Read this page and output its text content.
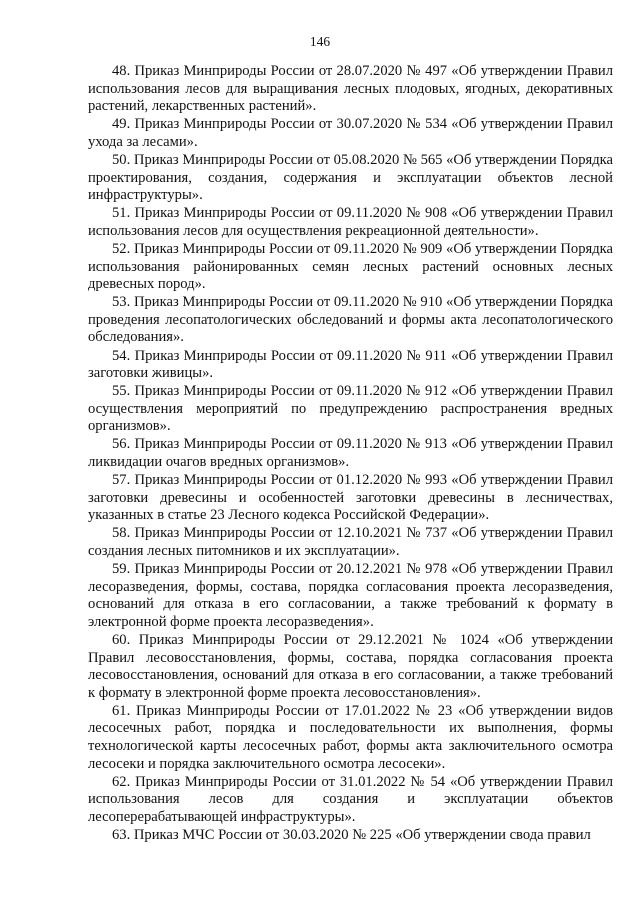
146

48. Приказ Минприроды России от 28.07.2020 № 497 «Об утверждении Правил использования лесов для выращивания лесных плодовых, ягодных, декоративных растений, лекарственных растений».

49. Приказ Минприроды России от 30.07.2020 № 534 «Об утверждении Правил ухода за лесами».

50. Приказ Минприроды России от 05.08.2020 № 565 «Об утверждении Порядка проектирования, создания, содержания и эксплуатации объектов лесной инфраструктуры».

51. Приказ Минприроды России от 09.11.2020 № 908 «Об утверждении Правил использования лесов для осуществления рекреационной деятельности».

52. Приказ Минприроды России от 09.11.2020 № 909 «Об утверждении Порядка использования районированных семян лесных растений основных лесных древесных пород».

53. Приказ Минприроды России от 09.11.2020 № 910 «Об утверждении Порядка проведения лесопатологических обследований и формы акта лесопатологического обследования».

54. Приказ Минприроды России от 09.11.2020 № 911 «Об утверждении Правил заготовки живицы».

55. Приказ Минприроды России от 09.11.2020 № 912 «Об утверждении Правил осуществления мероприятий по предупреждению распространения вредных организмов».

56. Приказ Минприроды России от 09.11.2020 № 913 «Об утверждении Правил ликвидации очагов вредных организмов».

57. Приказ Минприроды России от 01.12.2020 № 993 «Об утверждении Правил заготовки древесины и особенностей заготовки древесины в лесничествах, указанных в статье 23 Лесного кодекса Российской Федерации».

58. Приказ Минприроды России от 12.10.2021 № 737 «Об утверждении Правил создания лесных питомников и их эксплуатации».

59. Приказ Минприроды России от 20.12.2021 № 978 «Об утверждении Правил лесоразведения, формы, состава, порядка согласования проекта лесоразведения, оснований для отказа в его согласовании, а также требований к формату в электронной форме проекта лесоразведения».

60. Приказ Минприроды России от 29.12.2021 № 1024 «Об утверждении Правил лесовосстановления, формы, состава, порядка согласования проекта лесовосстановления, оснований для отказа в его согласовании, а также требований к формату в электронной форме проекта лесовосстановления».

61. Приказ Минприроды России от 17.01.2022 № 23 «Об утверждении видов лесосечных работ, порядка и последовательности их выполнения, формы технологической карты лесосечных работ, формы акта заключительного осмотра лесосеки и порядка заключительного осмотра лесосеки».

62. Приказ Минприроды России от 31.01.2022 № 54 «Об утверждении Правил использования лесов для создания и эксплуатации объектов лесоперерабатывающей инфраструктуры».

63. Приказ МЧС России от 30.03.2020 № 225 «Об утверждении свода правил
